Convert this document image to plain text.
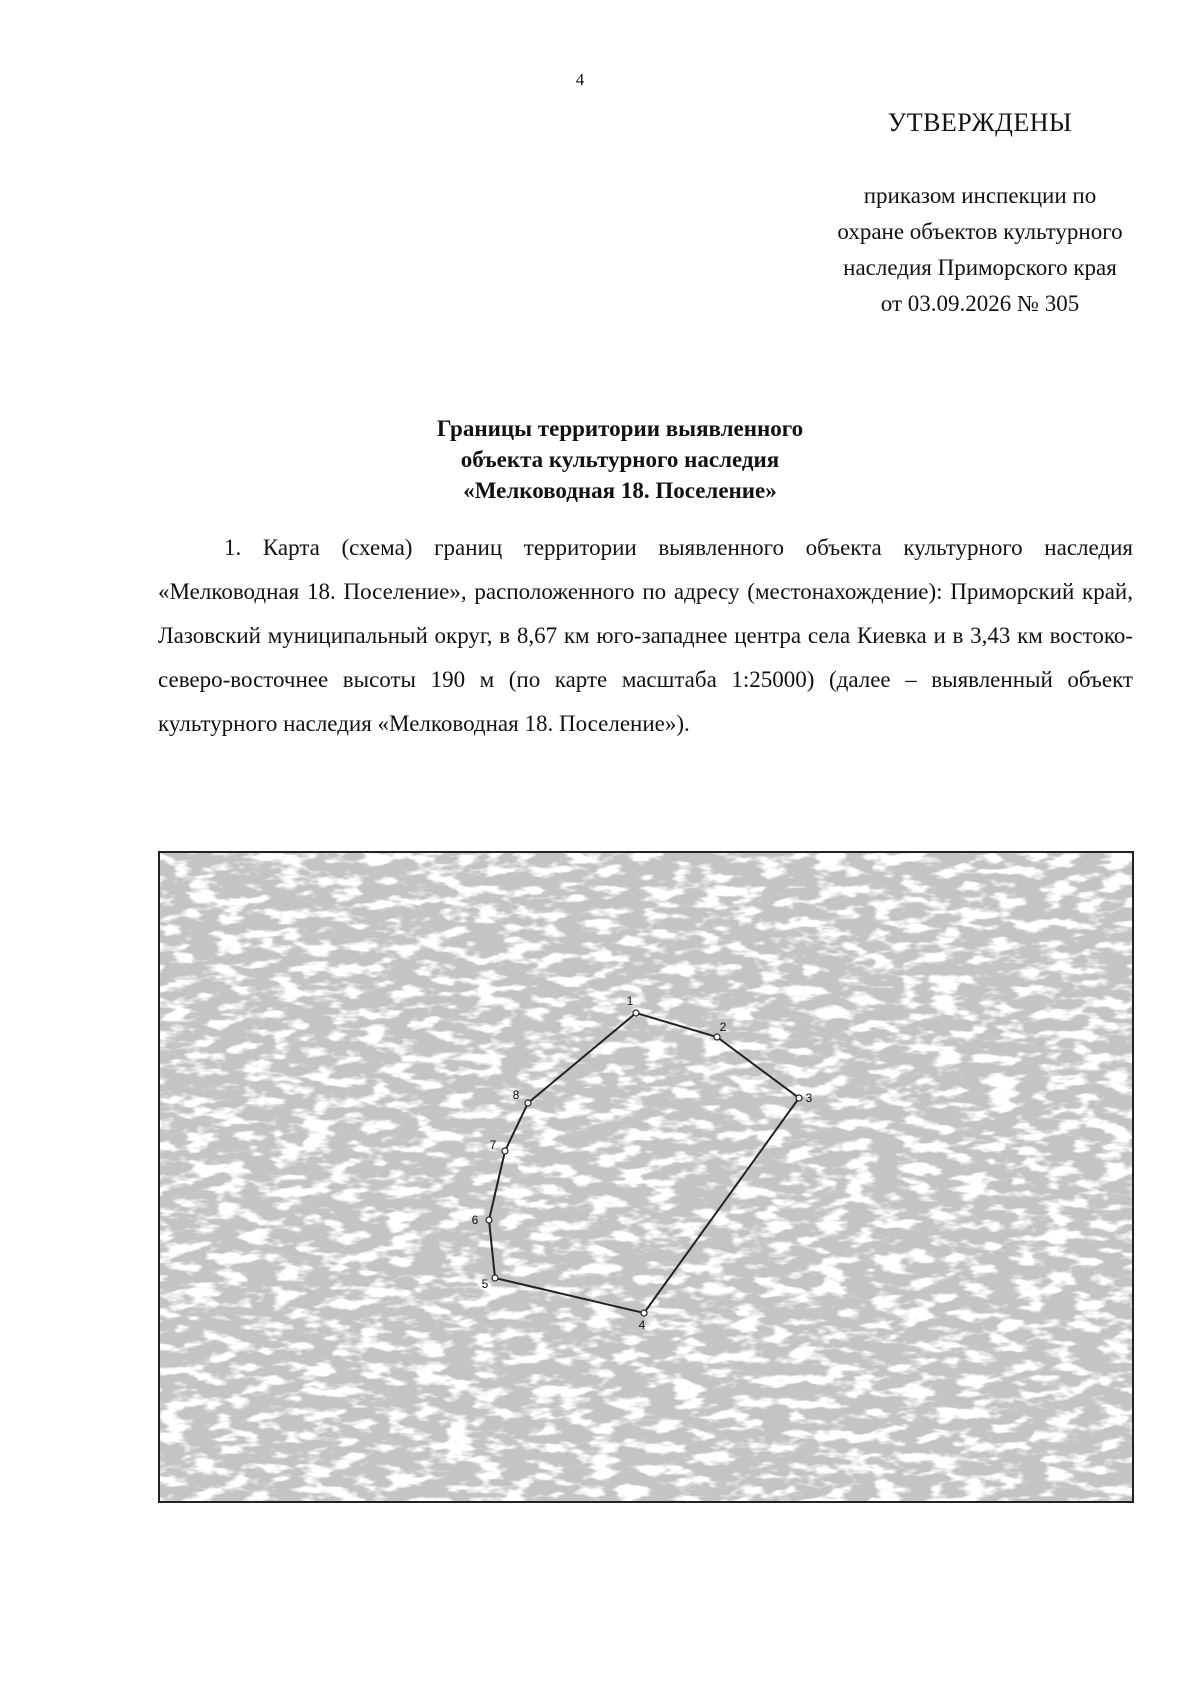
4
УТВЕРЖДЕНЫ
приказом инспекции по
охране объектов культурного
наследия Приморского края
от 03.09.2026 № 305
Границы территории выявленного
объекта культурного наследия
«Мелководная 18. Поселение»
1. Карта (схема) границ территории выявленного объекта культурного наследия «Мелководная 18. Поселение», расположенного по адресу (местонахождение): Приморский край, Лазовский муниципальный округ, в 8,67 км юго-западнее центра села Киевка и в 3,43 км востоко-северо-восточнее высоты 190 м (по карте масштаба 1:25000) (далее – выявленный объект культурного наследия «Мелководная 18. Поселение»).
1
2
3
4
5
6
7
8
